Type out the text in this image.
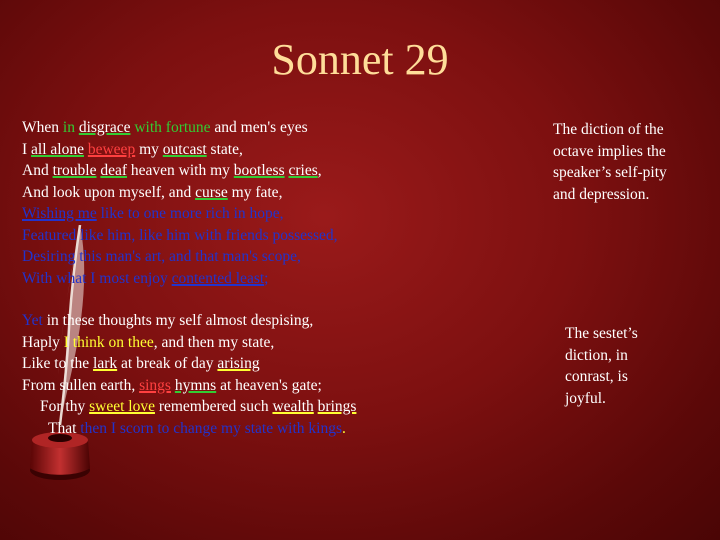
Sonnet 29
When in disgrace with fortune and men's eyes
I all alone beweep my outcast state,
And trouble deaf heaven with my bootless cries,
And look upon myself, and curse my fate,
Wishing me like to one more rich in hope,
Featured like him, like him with friends possessed,
Desiring this man's art, and that man's scope,
With what I most enjoy contented least;
Yet in these thoughts my self almost despising,
Haply I think on thee, and then my state,
Like to the lark at break of day arising
From sullen earth, sings hymns at heaven's gate;
For thy sweet love remembered such wealth brings
That then I scorn to change my state with kings.

The diction of the octave implies the speaker’s self-pity and depression.

The sestet’s diction, in conrast, is joyful.
